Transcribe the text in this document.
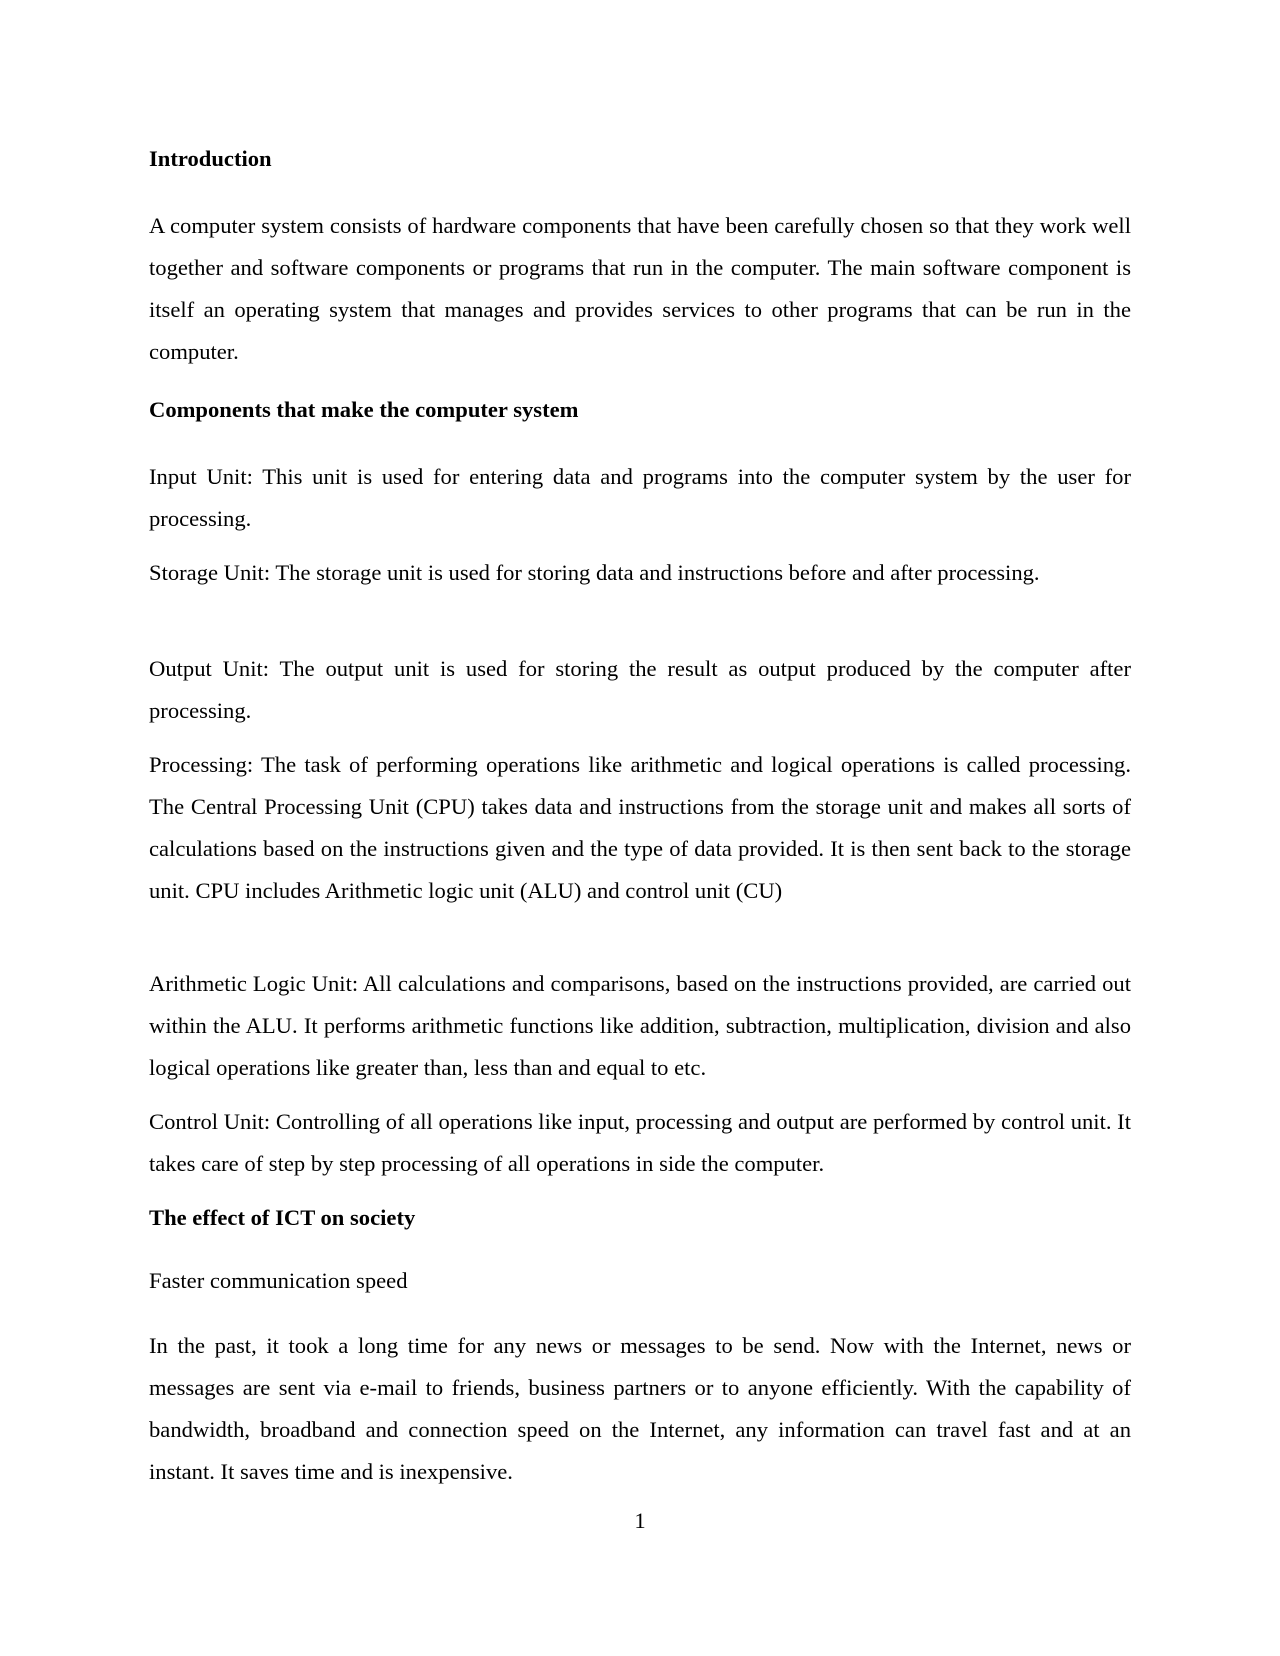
Introduction
A computer system consists of hardware components that have been carefully chosen so that they work well together and software components or programs that run in the computer. The main software component is itself an operating system that manages and provides services to other programs that can be run in the computer.
Components that make the computer system
Input Unit: This unit is used for entering data and programs into the computer system by the user for processing.
Storage Unit: The storage unit is used for storing data and instructions before and after processing.
Output Unit: The output unit is used for storing the result as output produced by the computer after processing.
Processing: The task of performing operations like arithmetic and logical operations is called processing. The Central Processing Unit (CPU) takes data and instructions from the storage unit and makes all sorts of calculations based on the instructions given and the type of data provided. It is then sent back to the storage unit. CPU includes Arithmetic logic unit (ALU) and control unit (CU)
Arithmetic Logic Unit: All calculations and comparisons, based on the instructions provided, are carried out within the ALU. It performs arithmetic functions like addition, subtraction, multiplication, division and also logical operations like greater than, less than and equal to etc.
Control Unit: Controlling of all operations like input, processing and output are performed by control unit. It takes care of step by step processing of all operations in side the computer.
The effect of ICT on society
Faster communication speed
In the past, it took a long time for any news or messages to be send. Now with the Internet, news or messages are sent via e-mail to friends, business partners or to anyone efficiently. With the capability of bandwidth, broadband and connection speed on the Internet, any information can travel fast and at an instant. It saves time and is inexpensive.
1
